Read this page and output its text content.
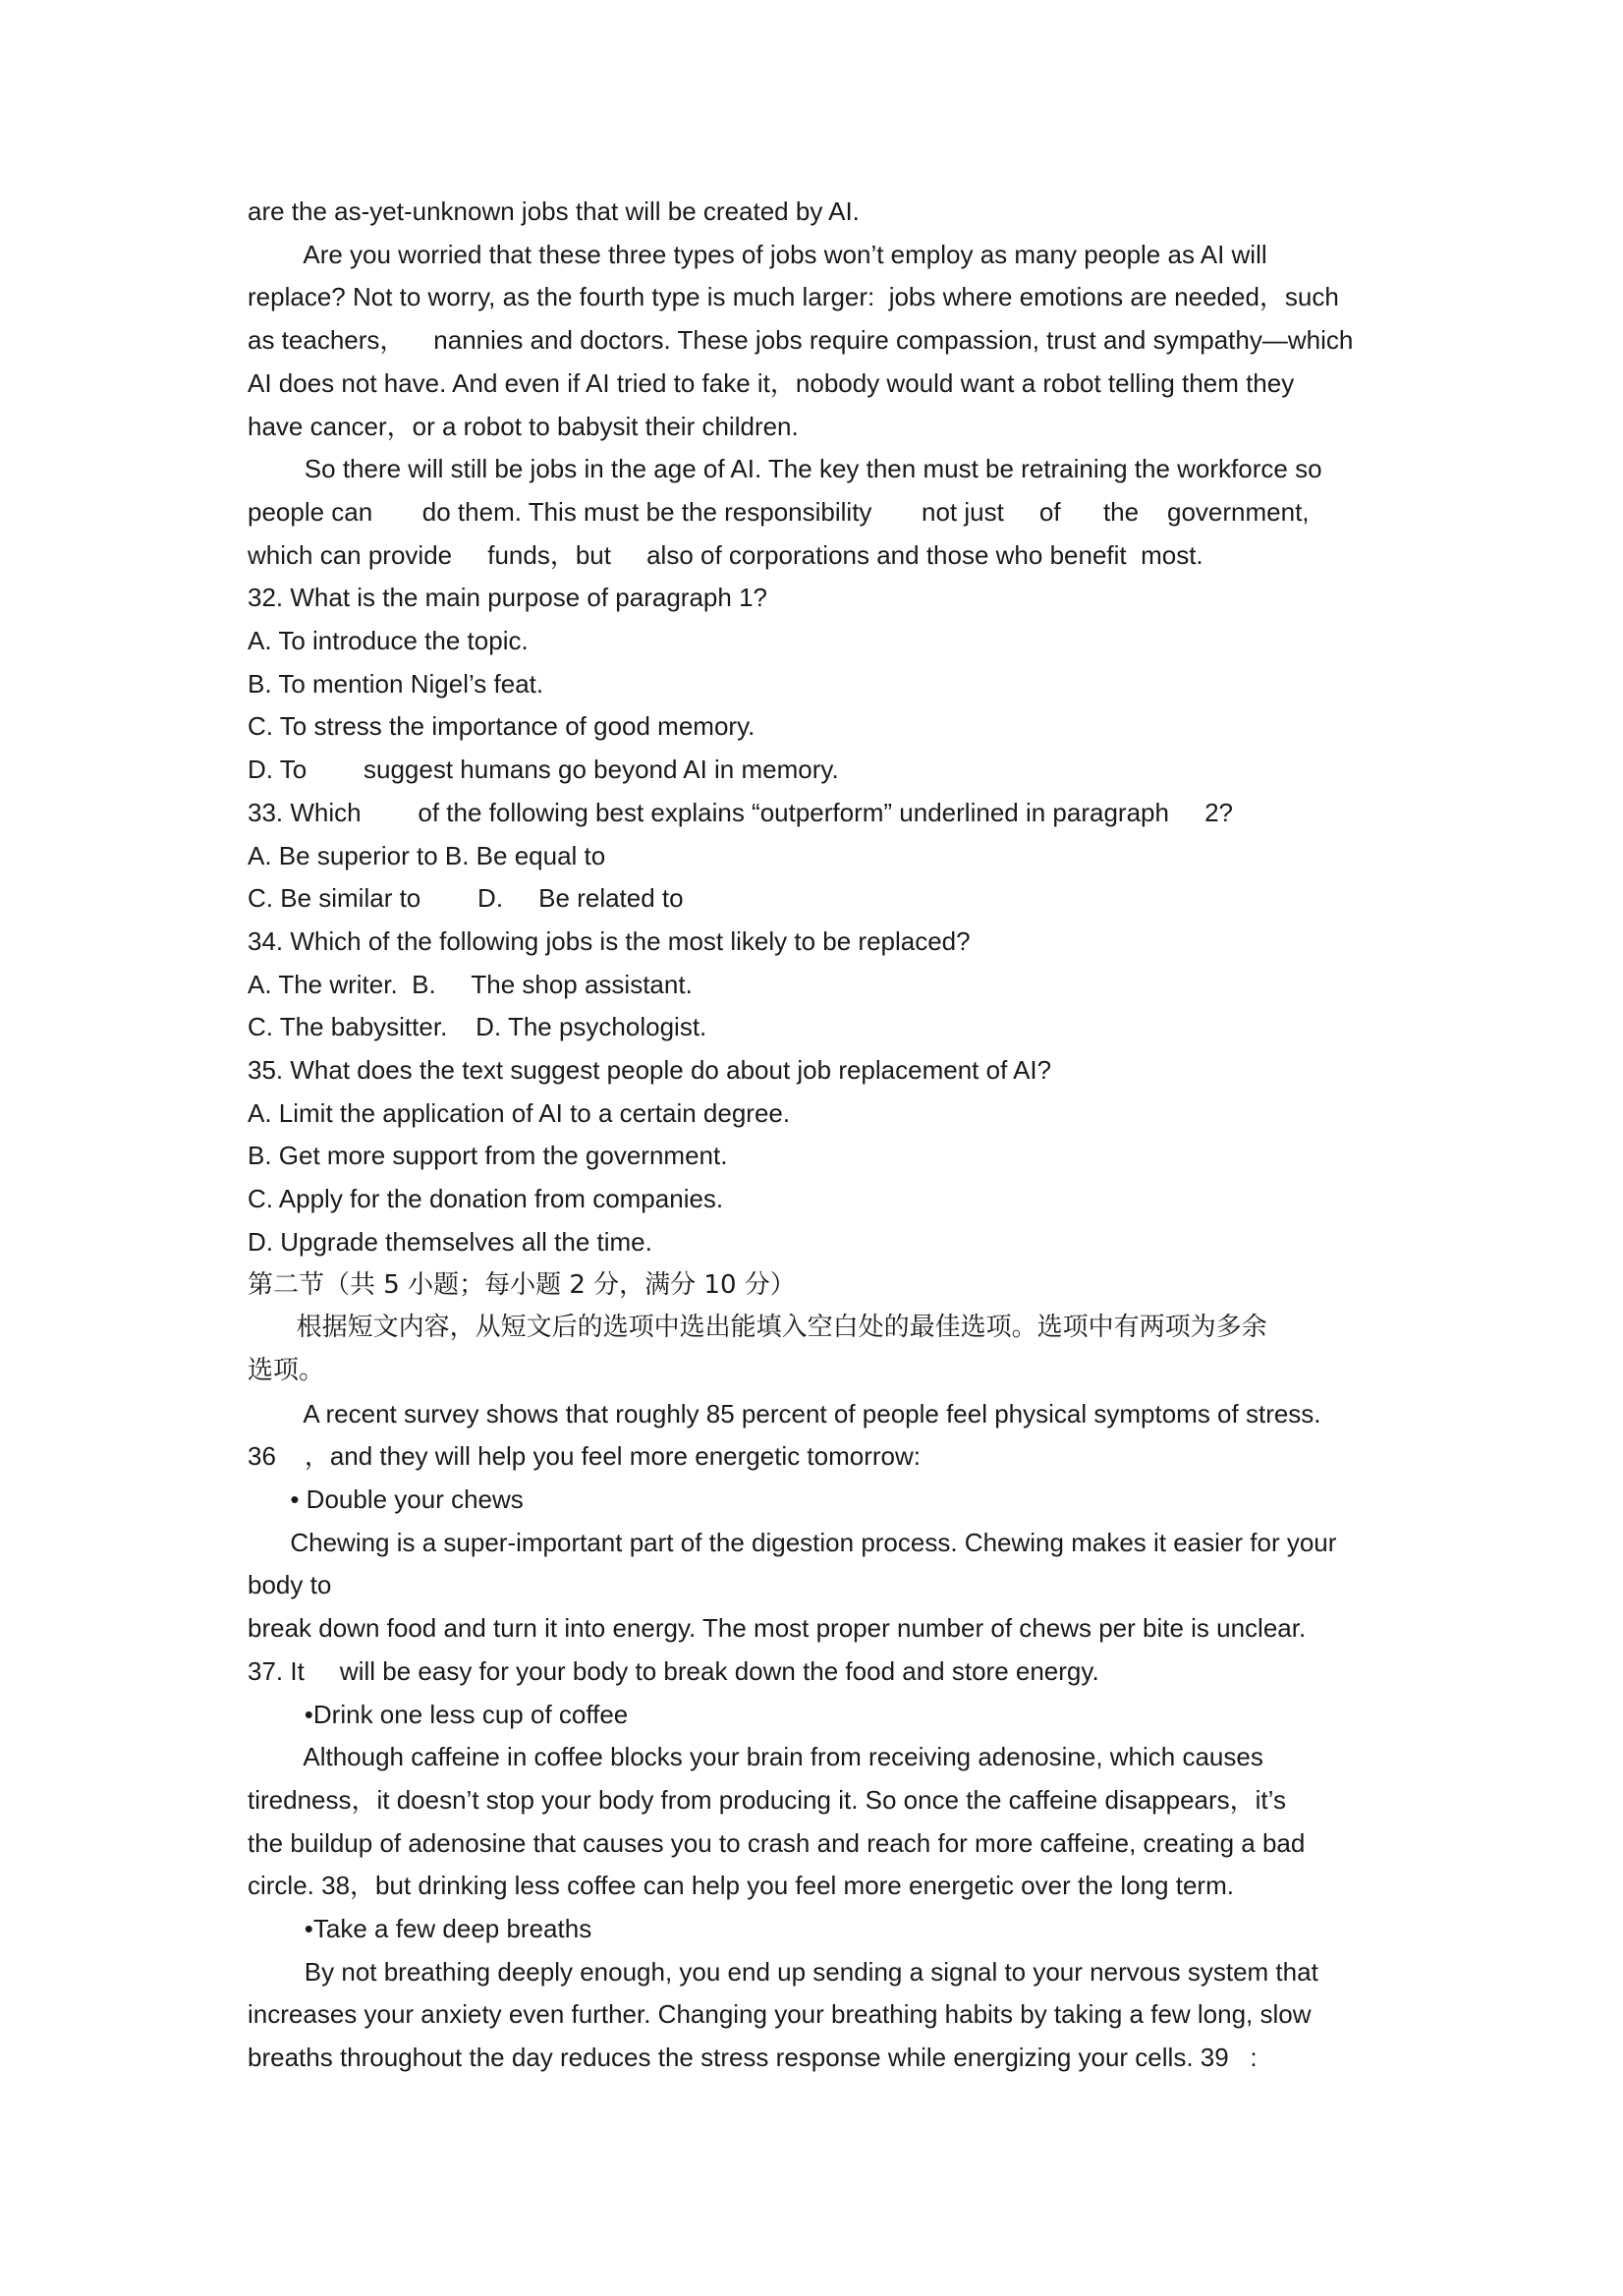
are the as-yet-unknown jobs that will be created by AI.
Are you worried that these three types of jobs won’t employ as many people as AI will
replace? Not to worry, as the fourth type is much larger:  jobs where emotions are needed，such
as teachers，    nannies and doctors. These jobs require compassion, trust and sympathy—which
AI does not have. And even if AI tried to fake it，nobody would want a robot telling them they
have cancer，or a robot to babysit their children.
So there will still be jobs in the age of AI. The key then must be retraining the workforce so
people can       do them. This must be the responsibility       not just     of      the    government,
which can provide     funds，but     also of corporations and those who benefit  most.
32. What is the main purpose of paragraph 1?
A. To introduce the topic.
B. To mention Nigel’s feat.
C. To stress the importance of good memory.
D. To        suggest humans go beyond AI in memory.
33. Which        of the following best explains “outperform” underlined in paragraph     2?
A. Be superior to B. Be equal to
C. Be similar to        D.     Be related to
34. Which of the following jobs is the most likely to be replaced?
A. The writer.  B.     The shop assistant.
C. The babysitter.    D. The psychologist.
35. What does the text suggest people do about job replacement of AI?
A. Limit the application of AI to a certain degree.
B. Get more support from the government.
C. Apply for the donation from companies.
D. Upgrade themselves all the time.
第二节（共 5 小题；每小题 2 分，满分 10 分）
根据短文内容，从短文后的选项中选出能填入空白处的最佳选项。选项中有两项为多余
选项。
A recent survey shows that roughly 85 percent of people feel physical symptoms of stress.
36    ，and they will help you feel more energetic tomorrow:
• Double your chews
Chewing is a super-important part of the digestion process. Chewing makes it easier for your
body to
break down food and turn it into energy. The most proper number of chews per bite is unclear.
37. It     will be easy for your body to break down the food and store energy.
•Drink one less cup of coffee
Although caffeine in coffee blocks your brain from receiving adenosine, which causes
tiredness，it doesn’t stop your body from producing it. So once the caffeine disappears，it’s
the buildup of adenosine that causes you to crash and reach for more caffeine, creating a bad
circle. 38，but drinking less coffee can help you feel more energetic over the long term.
•Take a few deep breaths
By not breathing deeply enough, you end up sending a signal to your nervous system that
increases your anxiety even further. Changing your breathing habits by taking a few long, slow
breaths throughout the day reduces the stress response while energizing your cells. 39   :
